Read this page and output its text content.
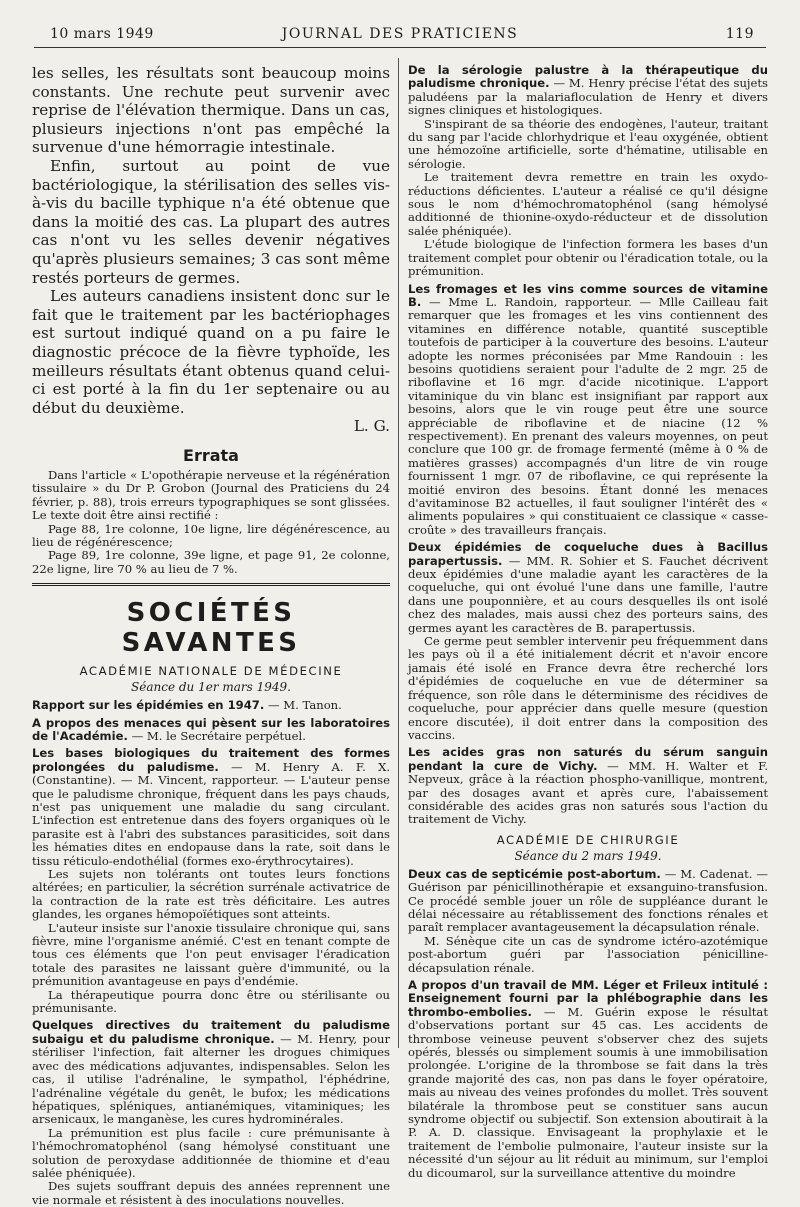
10 mars 1949	JOURNAL DES PRATICIENS	119

les selles, les résultats sont beaucoup moins constants. Une rechute peut survenir avec reprise de l'élévation thermique. Dans un cas, plusieurs injections n'ont pas empêché la survenue d'une hémorragie intestinale.

Enfin, surtout au point de vue bactériologique, la stérilisation des selles vis-à-vis du bacille typhique n'a été obtenue que dans la moitié des cas. La plupart des autres cas n'ont vu les selles devenir négatives qu'après plusieurs semaines; 3 cas sont même restés porteurs de germes.

Les auteurs canadiens insistent donc sur le fait que le traitement par les bactériophages est surtout indiqué quand on a pu faire le diagnostic précoce de la fièvre typhoïde, les meilleurs résultats étant obtenus quand celui-ci est porté à la fin du 1er septenaire ou au début du deuxième.

L. G.

Errata

Dans l'article « L'opothérapie nerveuse et la régénération tissulaire » du Dr P. Grobon (Journal des Praticiens du 24 février, p. 88), trois erreurs typographiques se sont glissées. Le texte doit être ainsi rectifié :

Page 88, 1re colonne, 10e ligne, lire dégénérescence, au lieu de régénérescence;

Page 89, 1re colonne, 39e ligne, et page 91, 2e colonne, 22e ligne, lire 70 % au lieu de 7 %.

SOCIÉTÉS SAVANTES
ACADÉMIE NATIONALE DE MÉDECINE
Séance du 1er mars 1949.

Rapport sur les épidémies en 1947. — M. Tanon.

A propos des menaces qui pèsent sur les laboratoires de l'Académie. — M. le Secrétaire perpétuel.

Les bases biologiques du traitement des formes prolongées du paludisme. — M. Henry A. F. X. (Constantine). — M. Vincent, rapporteur. — L'auteur pense que le paludisme chronique, fréquent dans les pays chauds, n'est pas uniquement une maladie du sang circulant. L'infection est entretenue dans des foyers organiques où le parasite est à l'abri des substances parasiticides, soit dans les hématies dites en endopause dans la rate, soit dans le tissu réticulo-endothélial (formes exo-érythrocytaires).

Les sujets non tolérants ont toutes leurs fonctions altérées; en particulier, la sécrétion surrénale activatrice de la contraction de la rate est très déficitaire. Les autres glandes, les organes hémopoïétiques sont atteints.

L'auteur insiste sur l'anoxie tissulaire chronique qui, sans fièvre, mine l'organisme anémié. C'est en tenant compte de tous ces éléments que l'on peut envisager l'éradication totale des parasites ne laissant guère d'immunité, ou la prémunition avantageuse en pays d'endémie.

La thérapeutique pourra donc être ou stérilisante ou prémunisante.

Quelques directives du traitement du paludisme subaigu et du paludisme chronique. — M. Henry, pour stériliser l'infection, fait alterner les drogues chimiques avec des médications adjuvantes, indispensables. Selon les cas, il utilise l'adrénaline, le sympathol, l'éphédrine, l'adrénaline végétale du genêt, le bufox; les médications hépatiques, spléniques, antianémiques, vitaminiques; les arsenicaux, le manganèse, les cures hydrominérales.

La prémunition est plus facile : cure prémunisante à l'hémochromatophénol (sang hémolysé constituant une solution de peroxydase additionnée de thiomine et d'eau salée phéniquée).

Des sujets souffrant depuis des années reprennent une vie normale et résistent à des inoculations nouvelles.

De la sérologie palustre à la thérapeutique du paludisme chronique. — M. Henry précise l'état des sujets paludéens par la malariafloculation de Henry et divers signes cliniques et histologiques.

S'inspirant de sa théorie des endogènes, l'auteur, traitant du sang par l'acide chlorhydrique et l'eau oxygénée, obtient une hémozoïne artificielle, sorte d'hématine, utilisable en sérologie.

Le traitement devra remettre en train les oxydo-réductions déficientes. L'auteur a réalisé ce qu'il désigne sous le nom d'hémochromatophénol (sang hémolysé additionné de thionine-oxydo-réducteur et de dissolution salée phéniquée).

L'étude biologique de l'infection formera les bases d'un traitement complet pour obtenir ou l'éradication totale, ou la prémunition.

Les fromages et les vins comme sources de vitamine B. — Mme L. Randoin, rapporteur. — Mlle Cailleau fait remarquer que les fromages et les vins contiennent des vitamines en différence notable, quantité susceptible toutefois de participer à la couverture des besoins. L'auteur adopte les normes préconisées par Mme Randouin : les besoins quotidiens seraient pour l'adulte de 2 mgr. 25 de riboflavine et 16 mgr. d'acide nicotinique. L'apport vitaminique du vin blanc est insignifiant par rapport aux besoins, alors que le vin rouge peut être une source appréciable de riboflavine et de niacine (12 % respectivement). En prenant des valeurs moyennes, on peut conclure que 100 gr. de fromage fermenté (même à 0 % de matières grasses) accompagnés d'un litre de vin rouge fournissent 1 mgr. 07 de riboflavine, ce qui représente la moitié environ des besoins. Étant donné les menaces d'avitaminose B2 actuelles, il faut souligner l'intérêt des « aliments populaires » qui constituaient ce classique « casse-croûte » des travailleurs français.

Deux épidémies de coqueluche dues à Bacillus parapertussis. — MM. R. Sohier et S. Fauchet décrivent deux épidémies d'une maladie ayant les caractères de la coqueluche, qui ont évolué l'une dans une famille, l'autre dans une pouponnière, et au cours desquelles ils ont isolé chez des malades, mais aussi chez des porteurs sains, des germes ayant les caractères de B. parapertussis.

Ce germe peut sembler intervenir peu fréquemment dans les pays où il a été initialement décrit et n'avoir encore jamais été isolé en France devra être recherché lors d'épidémies de coqueluche en vue de déterminer sa fréquence, son rôle dans le déterminisme des récidives de coqueluche, pour apprécier dans quelle mesure (question encore discutée), il doit entrer dans la composition des vaccins.

Les acides gras non saturés du sérum sanguin pendant la cure de Vichy. — MM. H. Walter et F. Nepveux, grâce à la réaction phospho-vanillique, montrent, par des dosages avant et après cure, l'abaissement considérable des acides gras non saturés sous l'action du traitement de Vichy.

ACADÉMIE DE CHIRURGIE
Séance du 2 mars 1949.

Deux cas de septicémie post-abortum. — M. Cadenat. — Guérison par pénicillinothérapie et exsanguino-transfusion. Ce procédé semble jouer un rôle de suppléance durant le délai nécessaire au rétablissement des fonctions rénales et paraît remplacer avantageusement la décapsulation rénale.

M. Sénèque cite un cas de syndrome ictéro-azotémique post-abortum guéri par l'association pénicilline-décapsulation rénale.

A propos d'un travail de MM. Léger et Frileux intitulé : Enseignement fourni par la phlébographie dans les thrombo-embolies. — M. Guérin expose le résultat d'observations portant sur 45 cas. Les accidents de thrombose veineuse peuvent s'observer chez des sujets opérés, blessés ou simplement soumis à une immobilisation prolongée. L'origine de la thrombose se fait dans la très grande majorité des cas, non pas dans le foyer opératoire, mais au niveau des veines profondes du mollet. Très souvent bilatérale la thrombose peut se constituer sans aucun syndrome objectif ou subjectif. Son extension aboutirait à la P. A. D. classique. Envisageant la prophylaxie et le traitement de l'embolie pulmonaire, l'auteur insiste sur la nécessité d'un séjour au lit réduit au minimum, sur l'emploi du dicoumarol, sur la surveillance attentive du moindre
